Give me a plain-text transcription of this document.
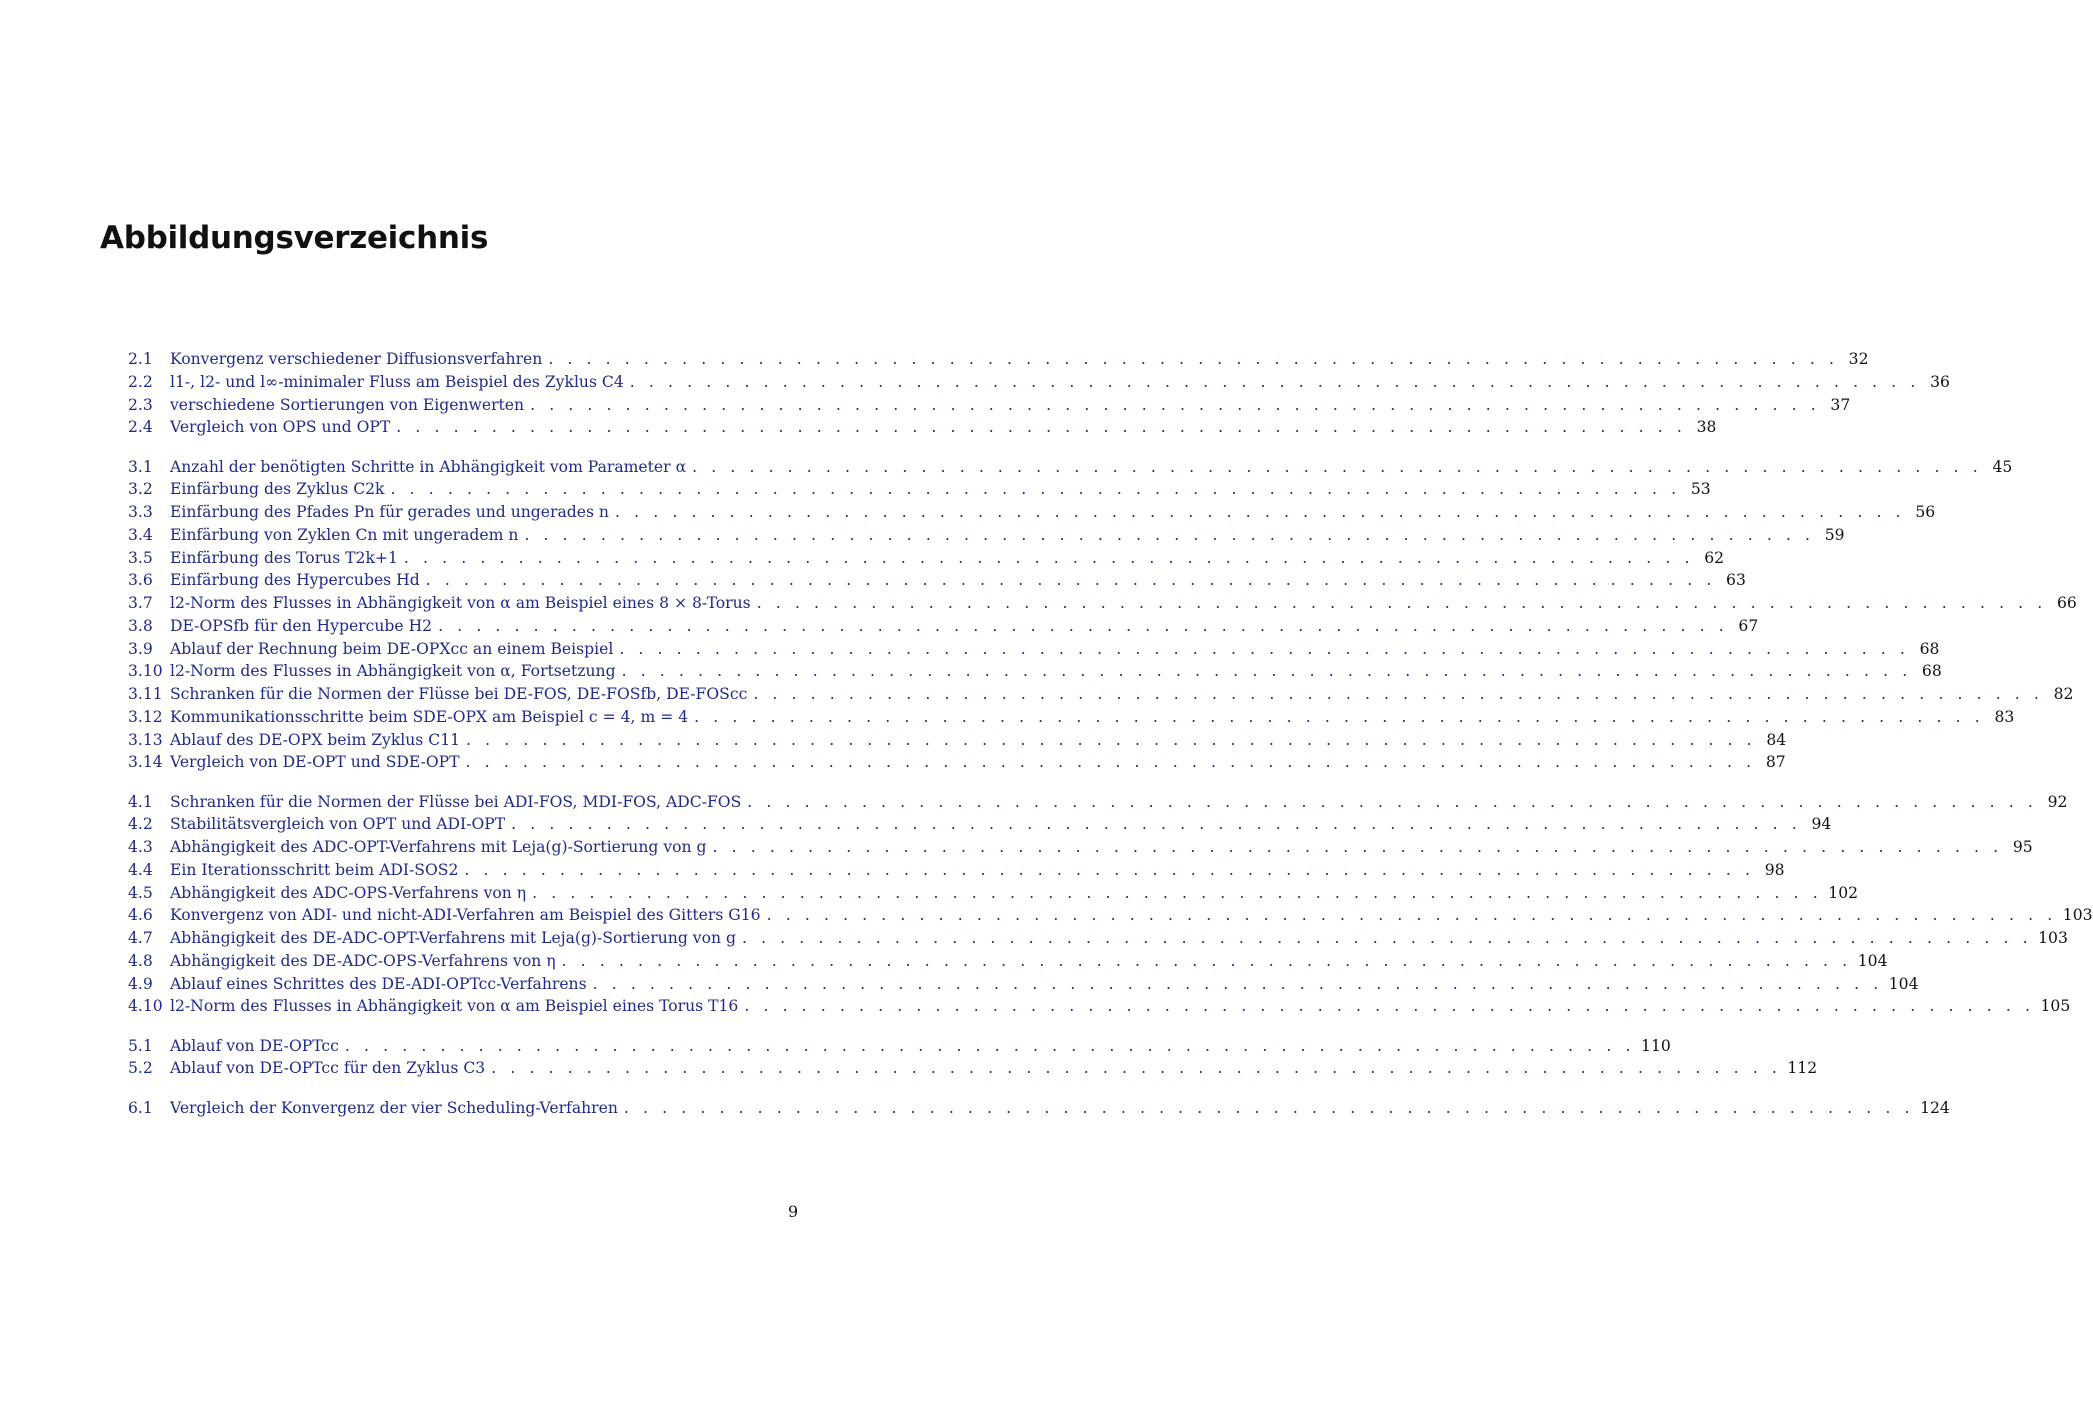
Abbildungsverzeichnis
2.1	Konvergenz verschiedener Diffusionsverfahren . . .	32
2.2	l1-, l2- und l∞-minimaler Fluss am Beispiel des Zyklus C4 . . .	36
2.3	verschiedene Sortierungen von Eigenwerten . . .	37
2.4	Vergleich von OPS und OPT . . .	38
3.1	Anzahl der benötigten Schritte in Abhängigkeit vom Parameter α . . .	45
3.2	Einfärbung des Zyklus C2k . . .	53
3.3	Einfärbung des Pfades Pn für gerades und ungerades n . . .	56
3.4	Einfärbung von Zyklen Cn mit ungeradem n . . .	59
3.5	Einfärbung des Torus T2k+1 . . .	62
3.6	Einfärbung des Hypercubes Hd . . .	63
3.7	l2-Norm des Flusses in Abhängigkeit von α am Beispiel eines 8 × 8-Torus . . .	66
3.8	DE-OPSfb für den Hypercube H2 . . .	67
3.9	Ablauf der Rechnung beim DE-OPXcc an einem Beispiel . . .	68
3.10 l2-Norm des Flusses in Abhängigkeit von α, Fortsetzung . . .	68
3.11 Schranken für die Normen der Flüsse bei DE-FOS, DE-FOSfb, DE-FOScc . . .	82
3.12 Kommunikationsschritte beim SDE-OPX am Beispiel c = 4, m = 4 . . .	83
3.13 Ablauf des DE-OPX beim Zyklus C11 . . .	84
3.14 Vergleich von DE-OPT und SDE-OPT . . .	87
4.1	Schranken für die Normen der Flüsse bei ADI-FOS, MDI-FOS, ADC-FOS . . .	92
4.2	Stabilitätsvergleich von OPT und ADI-OPT . . .	94
4.3	Abhängigkeit des ADC-OPT-Verfahrens mit Leja(g)-Sortierung von g . . .	95
4.4	Ein Iterationsschritt beim ADI-SOS2 . . .	98
4.5	Abhängigkeit des ADC-OPS-Verfahrens von η . . .	102
4.6	Konvergenz von ADI- und nicht-ADI-Verfahren am Beispiel des Gitters G16 . . .	103
4.7	Abhängigkeit des DE-ADC-OPT-Verfahrens mit Leja(g)-Sortierung von g . . .	103
4.8	Abhängigkeit des DE-ADC-OPS-Verfahrens von η . . .	104
4.9	Ablauf eines Schrittes des DE-ADI-OPTcc-Verfahrens . . .	104
4.10 l2-Norm des Flusses in Abhängigkeit von α am Beispiel eines Torus T16 . . .	105
5.1	Ablauf von DE-OPTcc . . .	110
5.2	Ablauf von DE-OPTcc für den Zyklus C3 . . .	112
6.1	Vergleich der Konvergenz der vier Scheduling-Verfahren . . .	124
9
